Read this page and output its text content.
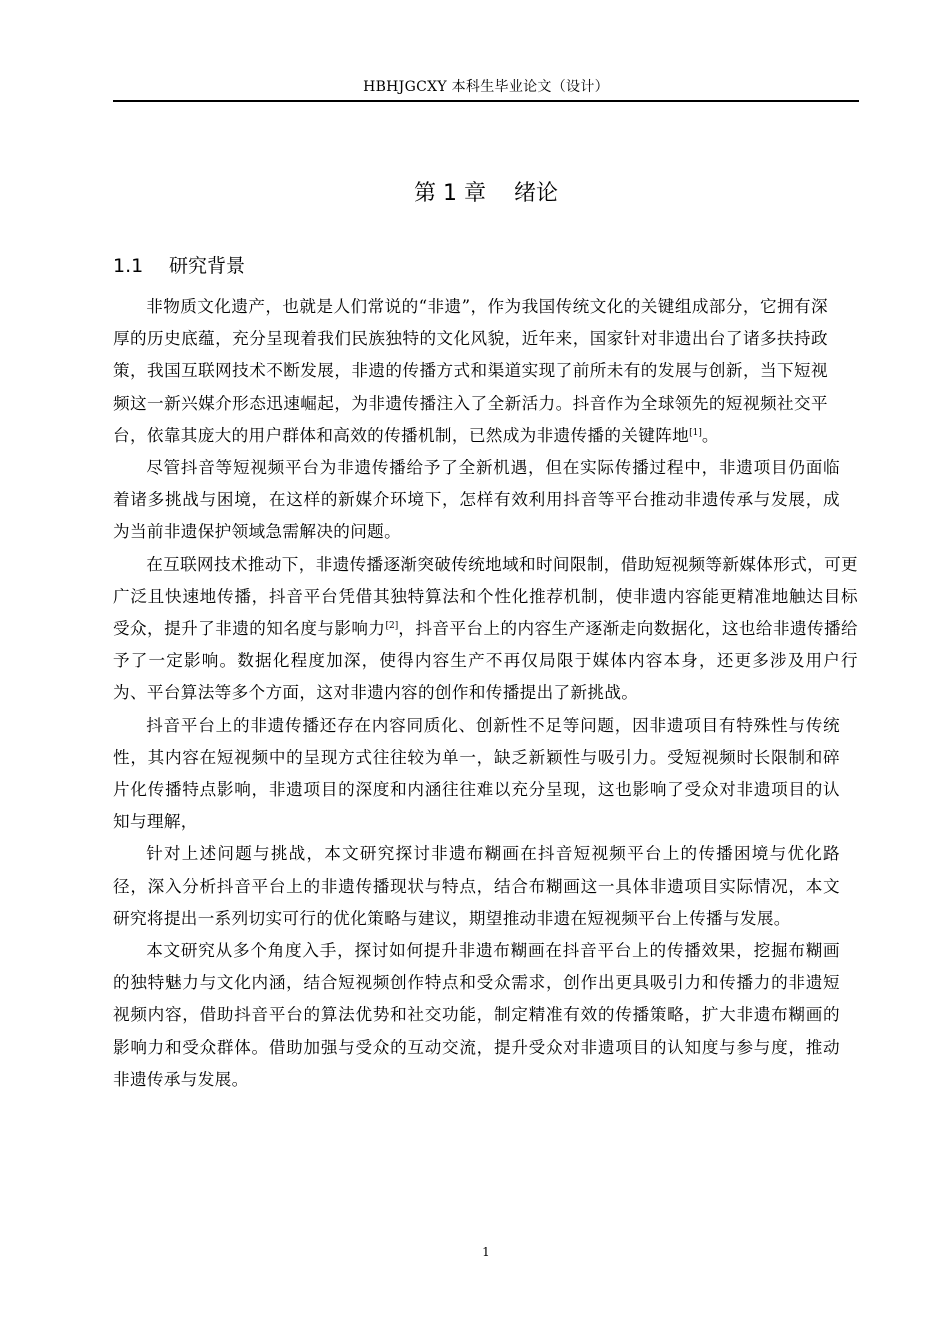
HBHJGCXY 本科生毕业论文（设计）
第 1 章    绪论
1.1 研究背景

非物质文化遗产，也就是人们常说的“非遗”，作为我国传统文化的关键组成部分，它拥有深厚的历史底蕴，充分呈现着我们民族独特的文化风貌，近年来，国家针对非遗出台了诸多扶持政策，我国互联网技术不断发展，非遗的传播方式和渠道实现了前所未有的发展与创新，当下短视频这一新兴媒介形态迅速崛起，为非遗传播注入了全新活力。抖音作为全球领先的短视频社交平台，依靠其庞大的用户群体和高效的传播机制，已然成为非遗传播的关键阵地[1]。

尽管抖音等短视频平台为非遗传播给予了全新机遇，但在实际传播过程中，非遗项目仍面临着诸多挑战与困境，在这样的新媒介环境下，怎样有效利用抖音等平台推动非遗传承与发展，成为当前非遗保护领域急需解决的问题。

在互联网技术推动下，非遗传播逐渐突破传统地域和时间限制，借助短视频等新媒体形式，可更广泛且快速地传播，抖音平台凭借其独特算法和个性化推荐机制，使非遗内容能更精准地触达目标受众，提升了非遗的知名度与影响力[2]，抖音平台上的内容生产逐渐走向数据化，这也给非遗传播给予了一定影响。数据化程度加深，使得内容生产不再仅局限于媒体内容本身，还更多涉及用户行为、平台算法等多个方面，这对非遗内容的创作和传播提出了新挑战。

抖音平台上的非遗传播还存在内容同质化、创新性不足等问题，因非遗项目有特殊性与传统性，其内容在短视频中的呈现方式往往较为单一，缺乏新颖性与吸引力。受短视频时长限制和碎片化传播特点影响，非遗项目的深度和内涵往往难以充分呈现，这也影响了受众对非遗项目的认知与理解，

针对上述问题与挑战，本文研究探讨非遗布糊画在抖音短视频平台上的传播困境与优化路径，深入分析抖音平台上的非遗传播现状与特点，结合布糊画这一具体非遗项目实际情况，本文研究将提出一系列切实可行的优化策略与建议，期望推动非遗在短视频平台上传播与发展。

本文研究从多个角度入手，探讨如何提升非遗布糊画在抖音平台上的传播效果，挖掘布糊画的独特魅力与文化内涵，结合短视频创作特点和受众需求，创作出更具吸引力和传播力的非遗短视频内容，借助抖音平台的算法优势和社交功能，制定精准有效的传播策略，扩大非遗布糊画的影响力和受众群体。借助加强与受众的互动交流，提升受众对非遗项目的认知度与参与度，推动非遗传承与发展。

1
